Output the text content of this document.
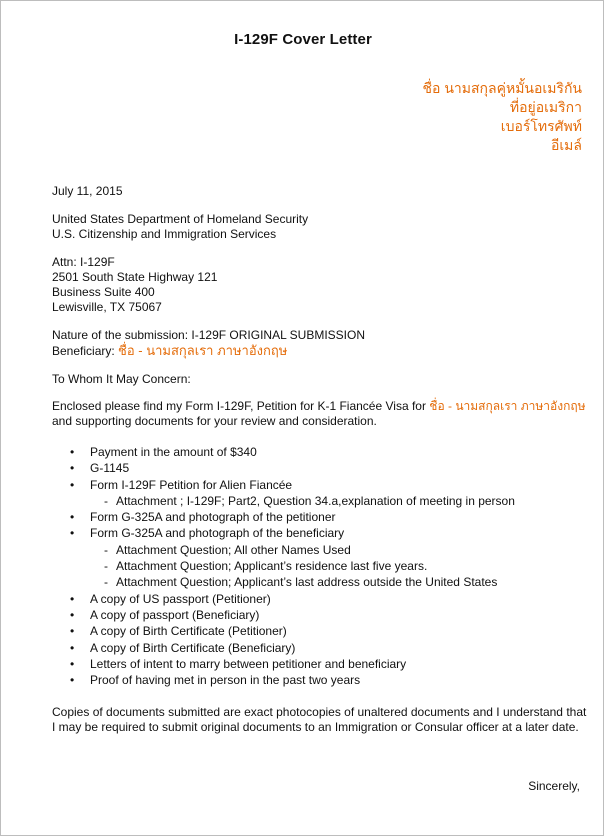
I-129F Cover Letter
ชื่อ นามสกุลคู่หมั้นอเมริกัน
ที่อยู่อเมริกา
เบอร์โทรศัพท์
อีเมล์
July 11, 2015
United States Department of Homeland Security
U.S. Citizenship and Immigration Services
Attn: I-129F
2501 South State Highway 121
Business Suite 400
Lewisville, TX 75067
Nature of the submission: I-129F ORIGINAL SUBMISSION
Beneficiary: ชื่อ - นามสกุลเรา ภาษาอังกฤษ
To Whom It May Concern:
Enclosed please find my Form I-129F, Petition for K-1 Fiancée Visa for ชื่อ - นามสกุลเรา ภาษาอังกฤษ
and supporting documents for your review and consideration.
• Payment in the amount of $340
• G-1145
• Form I-129F Petition for Alien Fiancée
- Attachment ; I-129F; Part2, Question 34.a,explanation of meeting in person
• Form G-325A and photograph of the petitioner
• Form G-325A and photograph of the beneficiary
- Attachment Question; All other Names Used
- Attachment Question; Applicant’s residence last five years.
- Attachment Question; Applicant’s last address outside the United States
• A copy of US passport (Petitioner)
• A copy of passport (Beneficiary)
• A copy of Birth Certificate (Petitioner)
• A copy of Birth Certificate (Beneficiary)
• Letters of intent to marry between petitioner and beneficiary
• Proof of having met in person in the past two years
Copies of documents submitted are exact photocopies of unaltered documents and I understand that
I may be required to submit original documents to an Immigration or Consular officer at a later date.
Sincerely,
